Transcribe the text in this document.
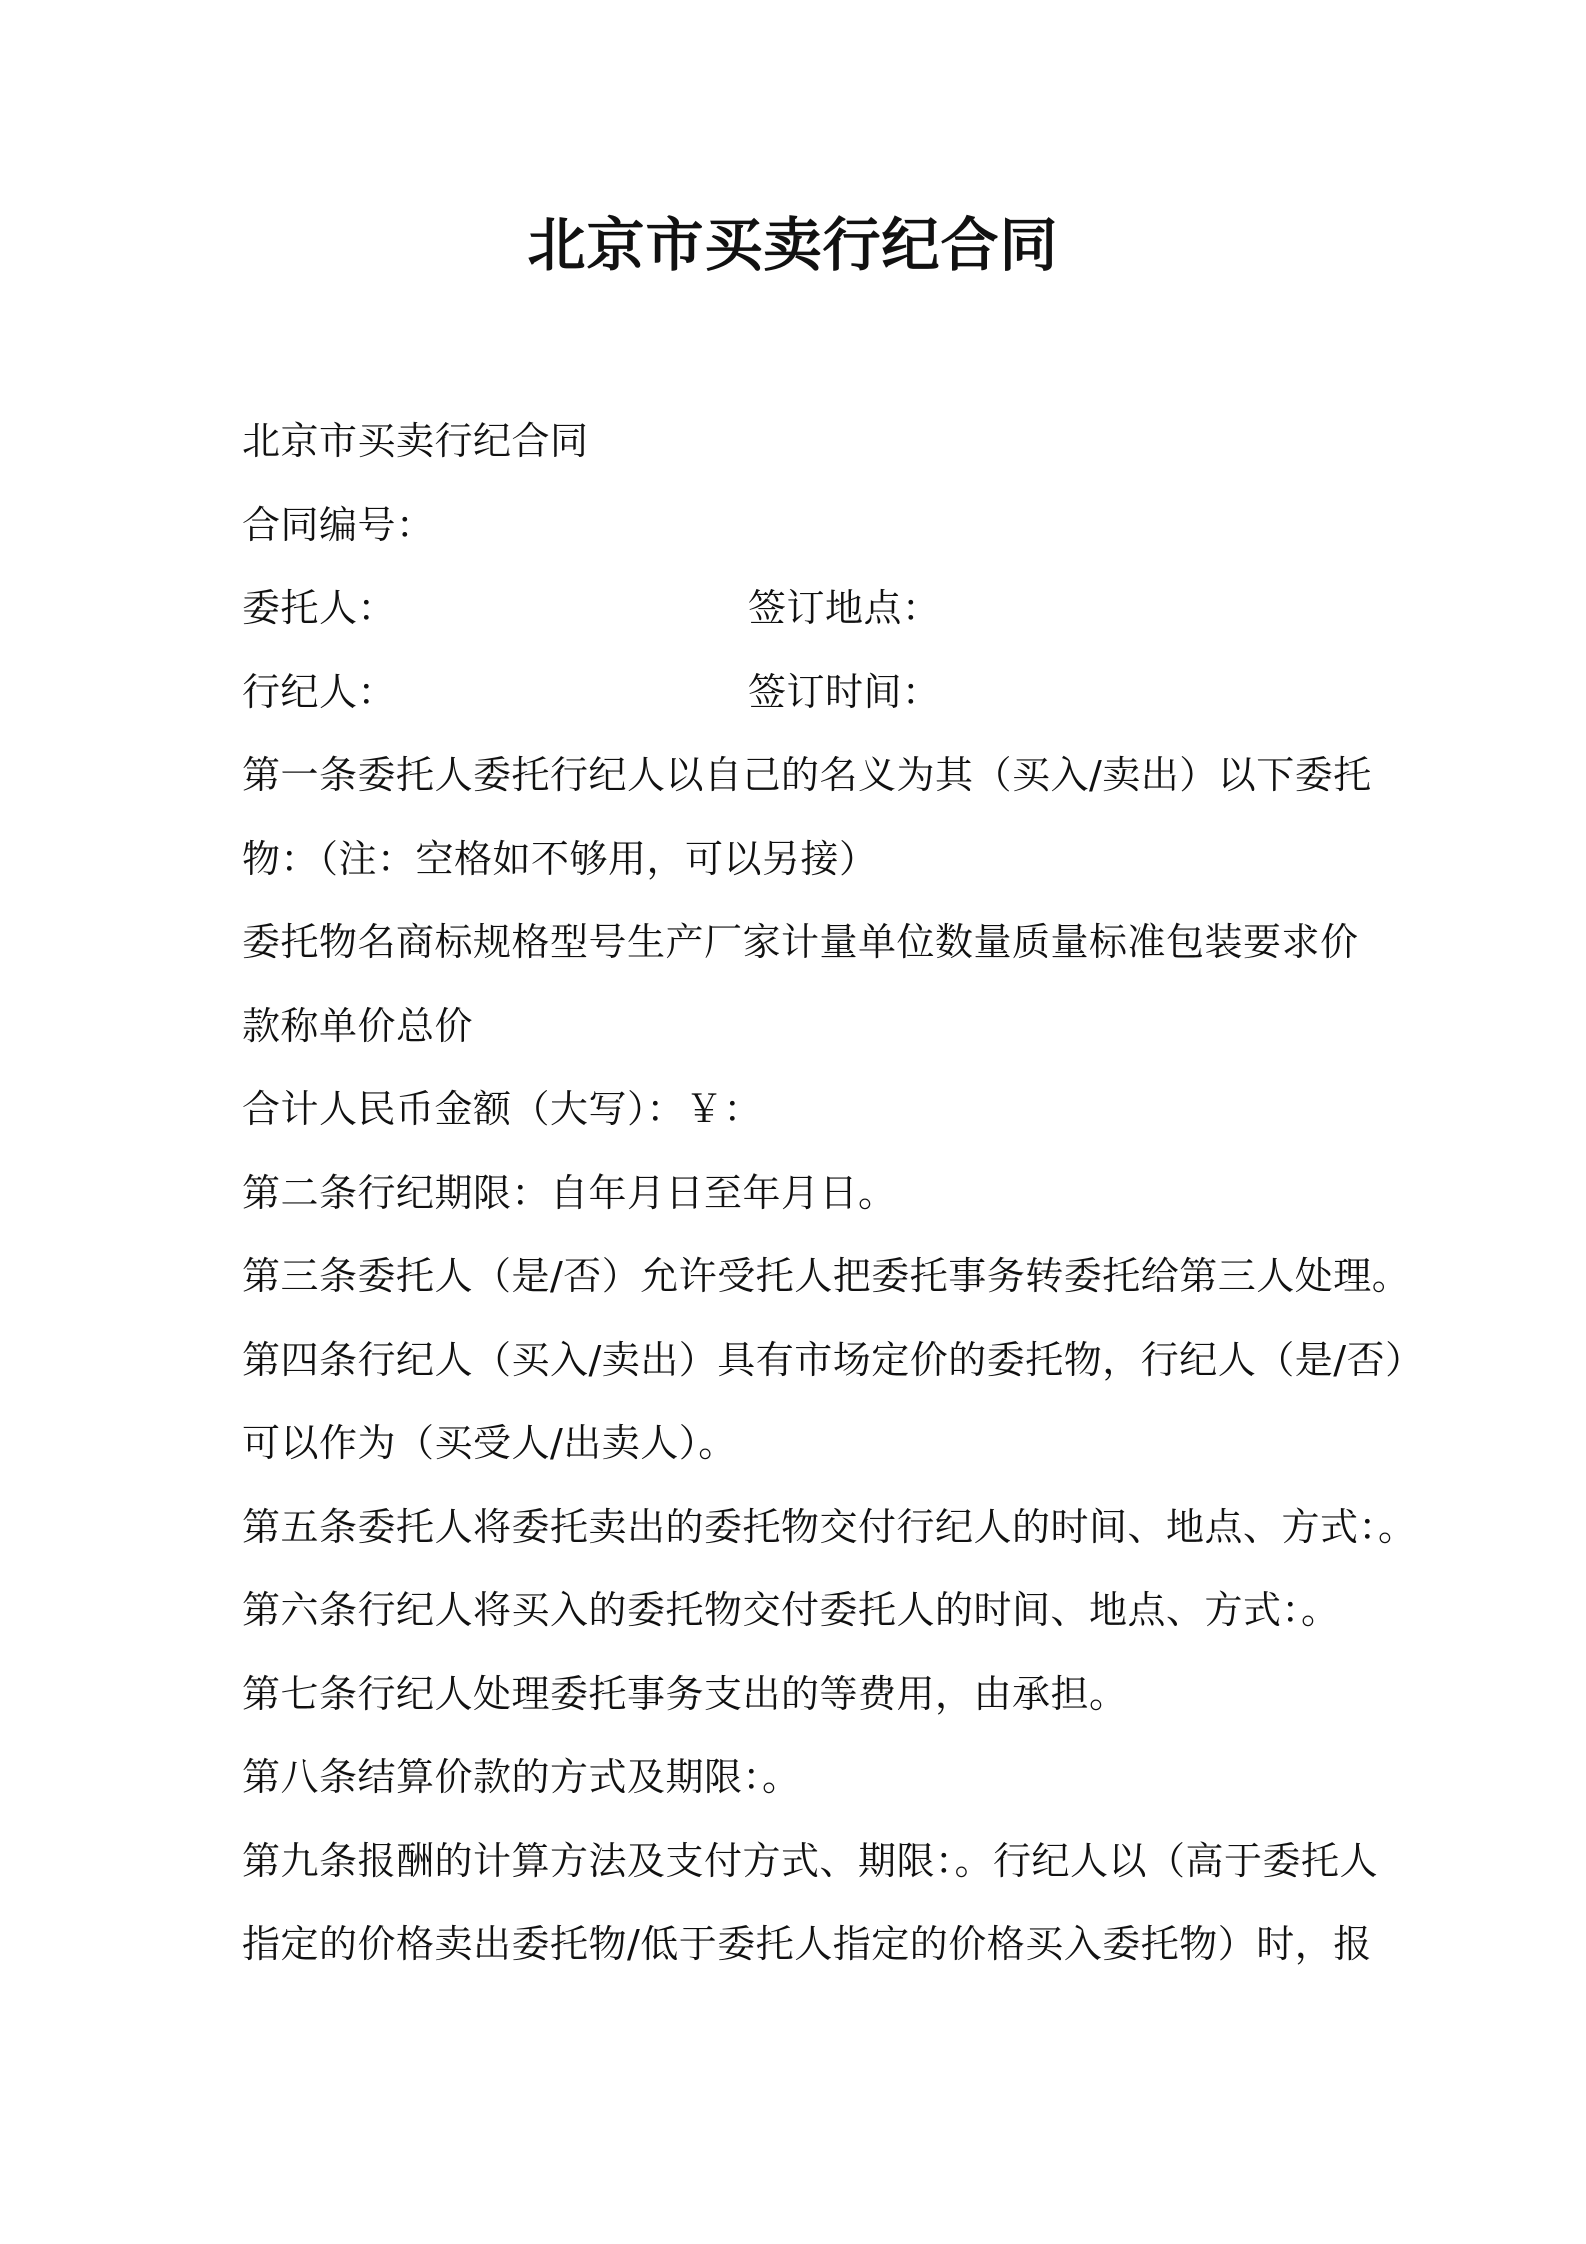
北京市买卖行纪合同
北京市买卖行纪合同
合同编号：
委托人：	签订地点：
行纪人：	签订时间：
第一条委托人委托行纪人以自己的名义为其（买入/卖出）以下委托
物：（注：空格如不够用，可以另接）
委托物名商标规格型号生产厂家计量单位数量质量标准包装要求价
款称单价总价
合计人民币金额（大写）：￥：
第二条行纪期限：自年月日至年月日。
第三条委托人（是/否）允许受托人把委托事务转委托给第三人处理。
第四条行纪人（买入/卖出）具有市场定价的委托物，行纪人（是/否）
可以作为（买受人/出卖人）。
第五条委托人将委托卖出的委托物交付行纪人的时间、地点、方式：。
第六条行纪人将买入的委托物交付委托人的时间、地点、方式：。
第七条行纪人处理委托事务支出的等费用，由承担。
第八条结算价款的方式及期限：。
第九条报酬的计算方法及支付方式、期限：。行纪人以（高于委托人
指定的价格卖出委托物/低于委托人指定的价格买入委托物）时，报
